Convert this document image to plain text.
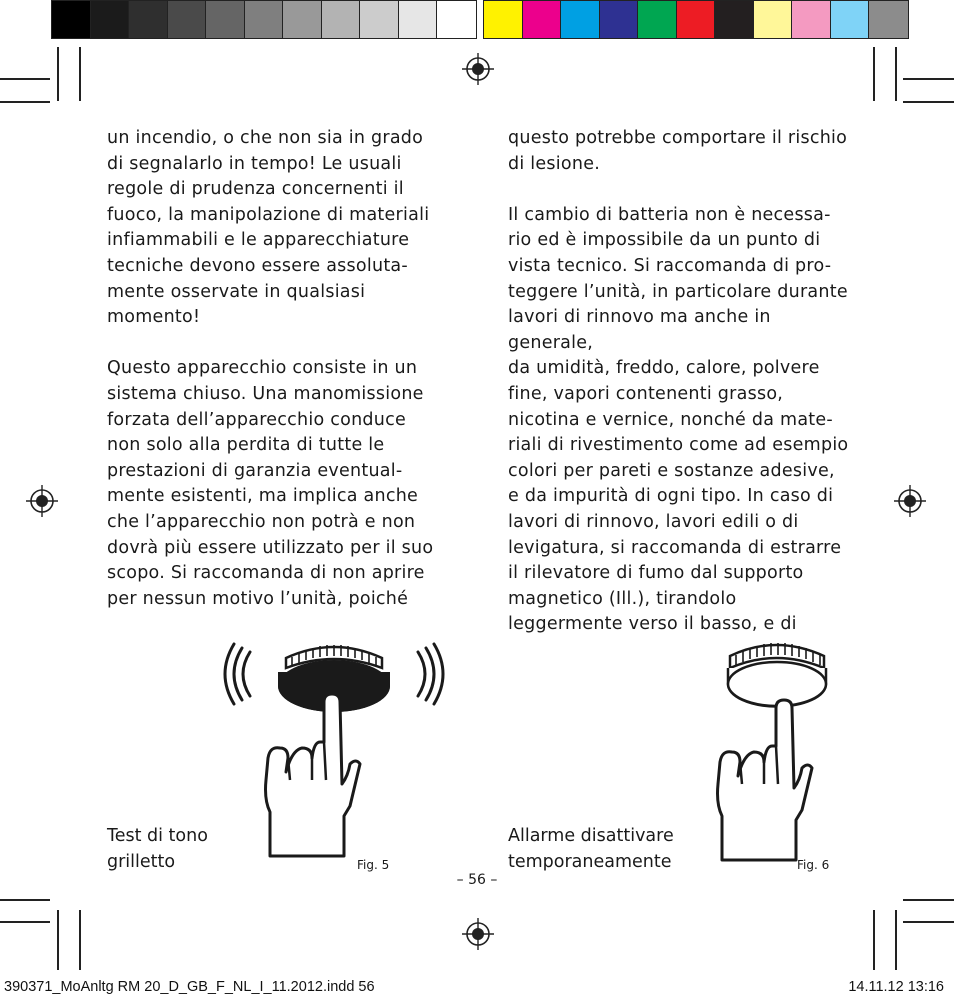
un incendio, o che non sia in grado
di segnalarlo in tempo! Le usuali
regole di prudenza concernenti il
fuoco, la manipolazione di materiali
infiammabili e le apparecchiature
tecniche devono essere assoluta-
mente osservate in qualsiasi
momento!

Questo apparecchio consiste in un
sistema chiuso. Una manomissione
forzata dell’apparecchio conduce
non solo alla perdita di tutte le
prestazioni di garanzia eventual-
mente esistenti, ma implica anche
che l’apparecchio non potrà e non
dovrà più essere utilizzato per il suo
scopo. Si raccomanda di non aprire
per nessun motivo l’unità, poiché

questo potrebbe comportare il rischio
di lesione.

Il cambio di batteria non è necessa-
rio ed è impossibile da un punto di
vista tecnico. Si raccomanda di pro-
teggere l’unità, in particolare durante
lavori di rinnovo ma anche in generale,
da umidità, freddo, calore, polvere
fine, vapori contenenti grasso,
nicotina e vernice, nonché da mate-
riali di rivestimento come ad esempio
colori per pareti e sostanze adesive,
e da impurità di ogni tipo. In caso di
lavori di rinnovo, lavori edili o di
levigatura, si raccomanda di estrarre
il rilevatore di fumo dal supporto
magnetico (Ill.), tirandolo
leggermente verso il basso, e di

Test di tono
grilletto	Fig. 5
Allarme disattivare
temporaneamente	Fig. 6
– 56 –
390371_MoAnltg RM 20_D_GB_F_NL_I_11.2012.indd 56	14.11.12 13:16
